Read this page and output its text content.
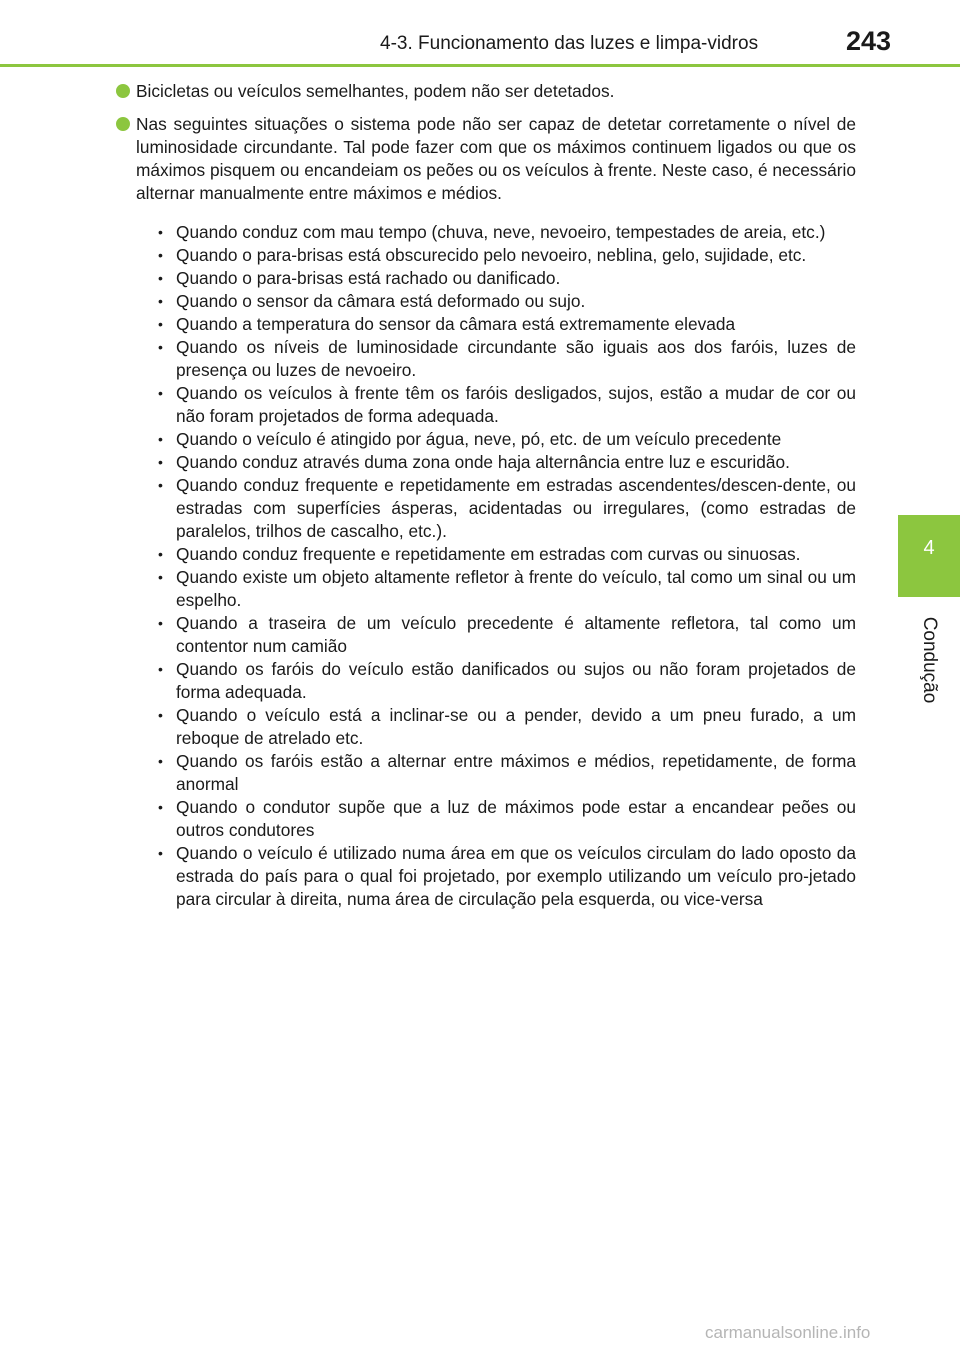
4-3. Funcionamento das luzes e limpa-vidros	243
4
Condução
Bicicletas ou veículos semelhantes, podem não ser detetados.
Nas seguintes situações o sistema pode não ser capaz de detetar corretamente o nível de luminosidade circundante. Tal pode fazer com que os máximos continuem ligados ou que os máximos pisquem ou encandeiam os peões ou os veículos à frente. Neste caso, é necessário alternar manualmente entre máximos e médios.
• Quando conduz com mau tempo (chuva, neve, nevoeiro, tempestades de areia, etc.)
• Quando o para-brisas está obscurecido pelo nevoeiro, neblina, gelo, sujidade, etc.
• Quando o para-brisas está rachado ou danificado.
• Quando o sensor da câmara está deformado ou sujo.
• Quando a temperatura do sensor da câmara está extremamente elevada
• Quando os níveis de luminosidade circundante são iguais aos dos faróis, luzes de presença ou luzes de nevoeiro.
• Quando os veículos à frente têm os faróis desligados, sujos, estão a mudar de cor ou não foram projetados de forma adequada.
• Quando o veículo é atingido por água, neve, pó, etc. de um veículo precedente
• Quando conduz através duma zona onde haja alternância entre luz e escuridão.
• Quando conduz frequente e repetidamente em estradas ascendentes/descen-dente, ou estradas com superfícies ásperas, acidentadas ou irregulares, (como estradas de paralelos, trilhos de cascalho, etc.).
• Quando conduz frequente e repetidamente em estradas com curvas ou sinuosas.
• Quando existe um objeto altamente refletor à frente do veículo, tal como um sinal ou um espelho.
• Quando a traseira de um veículo precedente é altamente refletora, tal como um contentor num camião
• Quando os faróis do veículo estão danificados ou sujos ou não foram projetados de forma adequada.
• Quando o veículo está a inclinar-se ou a pender, devido a um pneu furado, a um reboque de atrelado etc.
• Quando os faróis estão a alternar entre máximos e médios, repetidamente, de forma anormal
• Quando o condutor supõe que a luz de máximos pode estar a encandear peões ou outros condutores
• Quando o veículo é utilizado numa área em que os veículos circulam do lado oposto da estrada do país para o qual foi projetado, por exemplo utilizando um veículo pro-jetado para circular à direita, numa área de circulação pela esquerda, ou vice-versa
carmanualsonline.info
